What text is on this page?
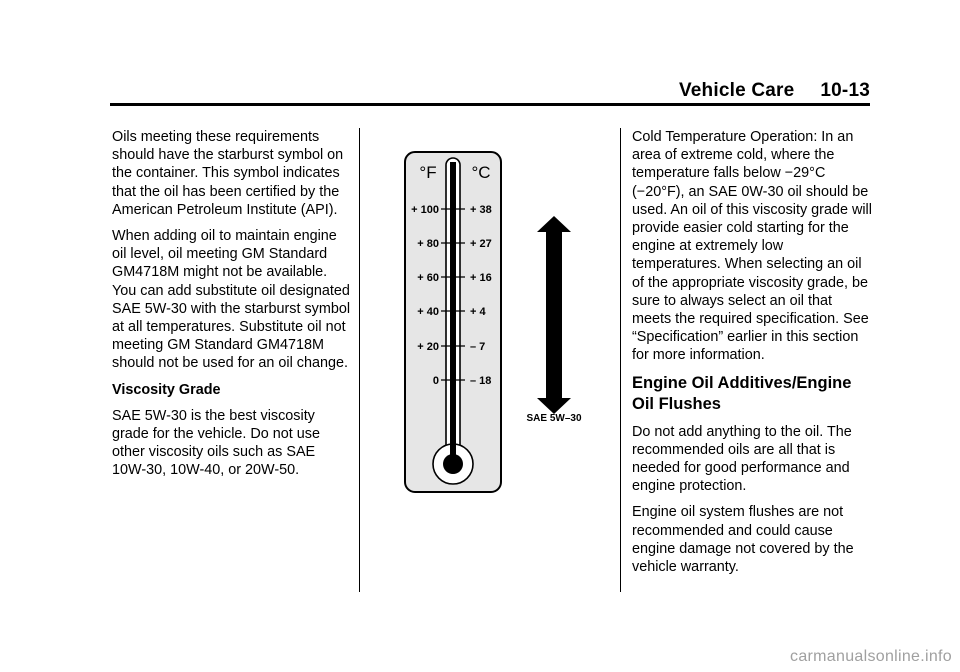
Vehicle Care 10-13

Oils meeting these requirements should have the starburst symbol on the container. This symbol indicates that the oil has been certified by the American Petroleum Institute (API).

When adding oil to maintain engine oil level, oil meeting GM Standard GM4718M might not be available. You can add substitute oil designated SAE 5W-30 with the starburst symbol at all temperatures. Substitute oil not meeting GM Standard GM4718M should not be used for an oil change.

Viscosity Grade

SAE 5W-30 is the best viscosity grade for the vehicle. Do not use other viscosity oils such as SAE 10W-30, 10W-40, or 20W-50.

°F °C
+ 100
+ 80
+ 60
+ 40
+ 20
0
+ 38
+ 27
+ 16
+ 4
– 7
– 18
SAE 5W–30

Cold Temperature Operation: In an area of extreme cold, where the temperature falls below −29°C (−20°F), an SAE 0W-30 oil should be used. An oil of this viscosity grade will provide easier cold starting for the engine at extremely low temperatures. When selecting an oil of the appropriate viscosity grade, be sure to always select an oil that meets the required specification. See “Specification” earlier in this section for more information.

Engine Oil Additives/Engine Oil Flushes

Do not add anything to the oil. The recommended oils are all that is needed for good performance and engine protection.

Engine oil system flushes are not recommended and could cause engine damage not covered by the vehicle warranty.

carmanualsonline.info
